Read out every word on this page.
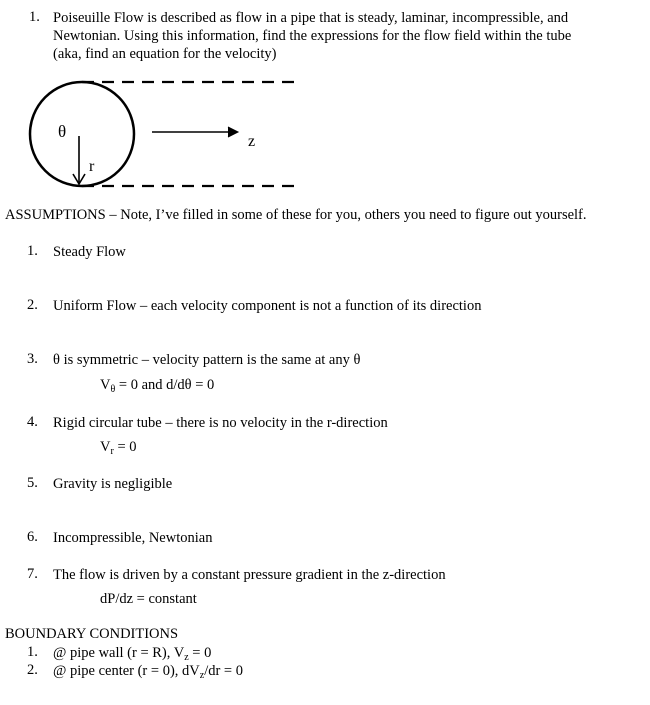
1. Poiseuille Flow is described as flow in a pipe that is steady, laminar, incompressible, and
Newtonian. Using this information, find the expressions for the flow field within the tube
(aka, find an equation for the velocity)
θ
r
z
ASSUMPTIONS – Note, I’ve filled in some of these for you, others you need to figure out yourself.
1. Steady Flow
2. Uniform Flow – each velocity component is not a function of its direction
3. θ is symmetric – velocity pattern is the same at any θ
$V_\theta = 0$ and d/dθ = 0
4. Rigid circular tube – there is no velocity in the r-direction
$V_r = 0$
5. Gravity is negligible
6. Incompressible, Newtonian
7. The flow is driven by a constant pressure gradient in the z-direction
dP/dz = constant
BOUNDARY CONDITIONS
1. @ pipe wall (r = R), $V_z = 0$
2. @ pipe center (r = 0), $dV_z/dr = 0$
